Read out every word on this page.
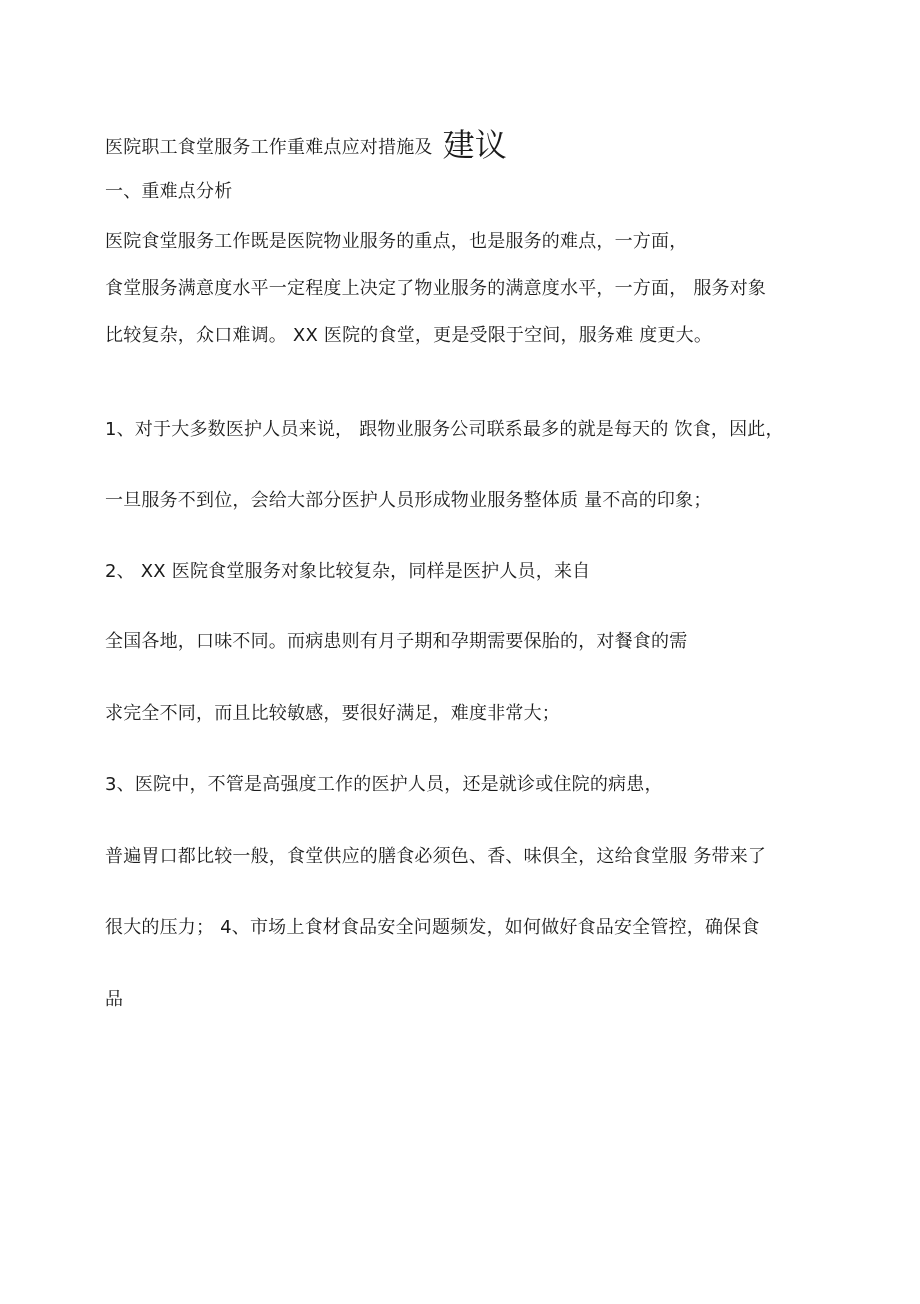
医院职工食堂服务工作重难点应对措施及 建议
一、重难点分析
医院食堂服务工作既是医院物业服务的重点，也是服务的难点，一方面，
食堂服务满意度水平一定程度上决定了物业服务的满意度水平，一方面， 服务对象
比较复杂，众口难调。 XX 医院的食堂，更是受限于空间，服务难 度更大。
1、对于大多数医护人员来说， 跟物业服务公司联系最多的就是每天的 饮食，因此，
一旦服务不到位，会给大部分医护人员形成物业服务整体质 量不高的印象；
2、 XX 医院食堂服务对象比较复杂，同样是医护人员，来自
全国各地，口味不同。而病患则有月子期和孕期需要保胎的，对餐食的需
求完全不同，而且比较敏感，要很好满足，难度非常大；
3、医院中，不管是高强度工作的医护人员，还是就诊或住院的病患，
普遍胃口都比较一般，食堂供应的膳食必须色、香、味俱全，这给食堂服 务带来了
很大的压力； 4、市场上食材食品安全问题频发，如何做好食品安全管控，确保食
品
